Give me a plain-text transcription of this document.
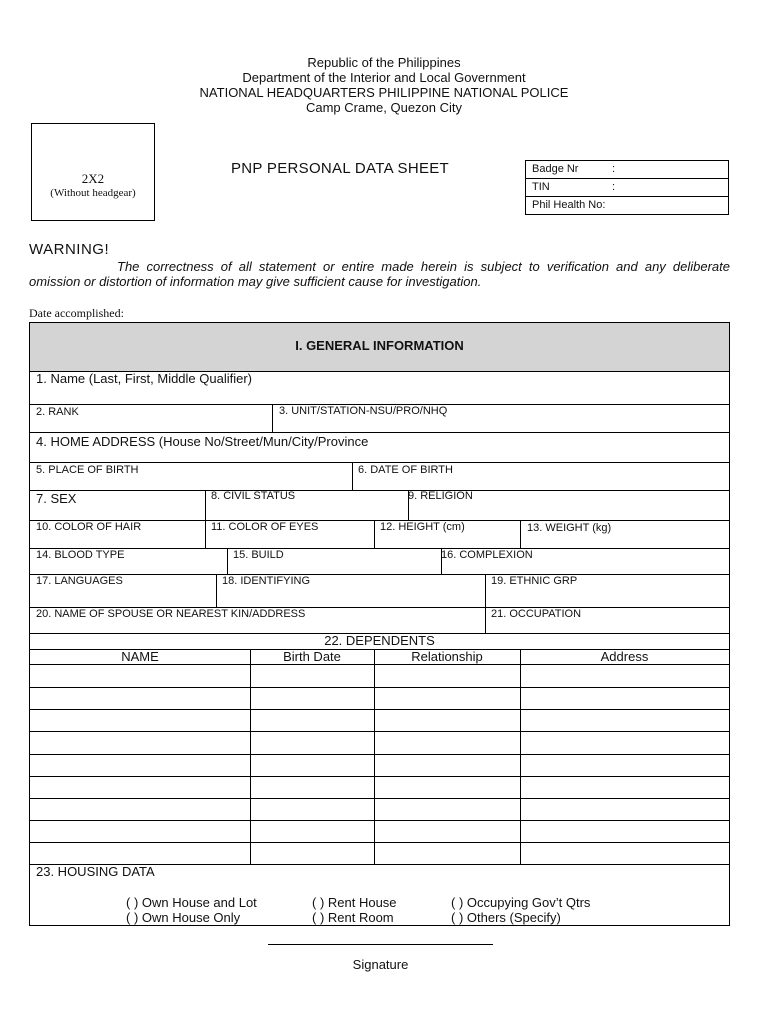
Republic of the Philippines
Department of the Interior and Local Government
NATIONAL HEADQUARTERS PHILIPPINE NATIONAL POLICE
Camp Crame, Quezon City
2X2
(Without headgear)
PNP PERSONAL DATA SHEET	Badge Nr	:
TIN	:
Phil Health No:
WARNING!
The correctness of all statement or entire made herein is subject to verification and any deliberate omission or distortion of information may give sufficient cause for investigation.
Date accomplished:
I. GENERAL INFORMATION
1. Name (Last, First, Middle Qualifier)
2. RANK	3. UNIT/STATION-NSU/PRO/NHQ
4. HOME ADDRESS (House No/Street/Mun/City/Province
5. PLACE OF BIRTH	6. DATE OF BIRTH
7. SEX	8. CIVIL STATUS	9. RELIGION
10. COLOR OF HAIR	11. COLOR OF EYES	12. HEIGHT (cm)	13. WEIGHT (kg)
14. BLOOD TYPE	15. BUILD	16. COMPLEXION
17. LANGUAGES	18. IDENTIFYING	19. ETHNIC GRP
20. NAME OF SPOUSE OR NEAREST KIN/ADDRESS	21. OCCUPATION
22. DEPENDENTS
NAME	Birth Date	Relationship	Address
23. HOUSING DATA
( ) Own House and Lot	( ) Rent House	( ) Occupying Gov’t Qtrs
( ) Own House Only	( ) Rent Room	( ) Others (Specify)
Signature
